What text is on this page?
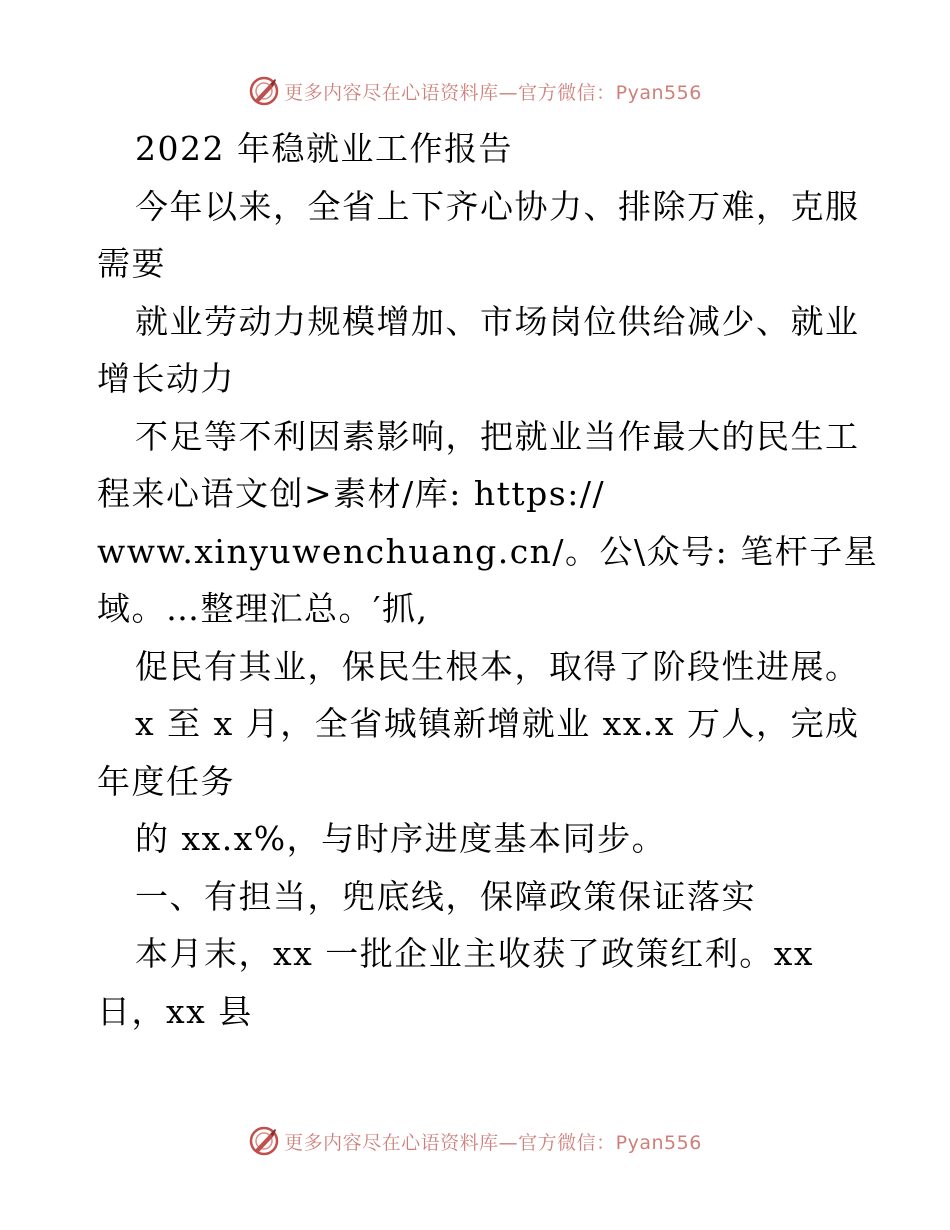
更多内容尽在心语资料库—官方微信：Pyan556
2022 年稳就业工作报告
今年以来，全省上下齐心协力、排除万难，克服
需要
就业劳动力规模增加、市场岗位供给减少、就业
增长动力
不足等不利因素影响，把就业当作最大的民生工
程来心语文创>素材/库: https://
www.xinyuwenchuang.cn/。公\众号: 笔杆子星
域。…整理汇总。′抓,
促民有其业，保民生根本，取得了阶段性进展。
x 至 x 月，全省城镇新增就业 xx.x 万人，完成
年度任务
的 xx.x%，与时序进度基本同步。
一、有担当，兜底线，保障政策保证落实
本月末，xx 一批企业主收获了政策红利。xx
日，xx 县
更多内容尽在心语资料库—官方微信：Pyan556
